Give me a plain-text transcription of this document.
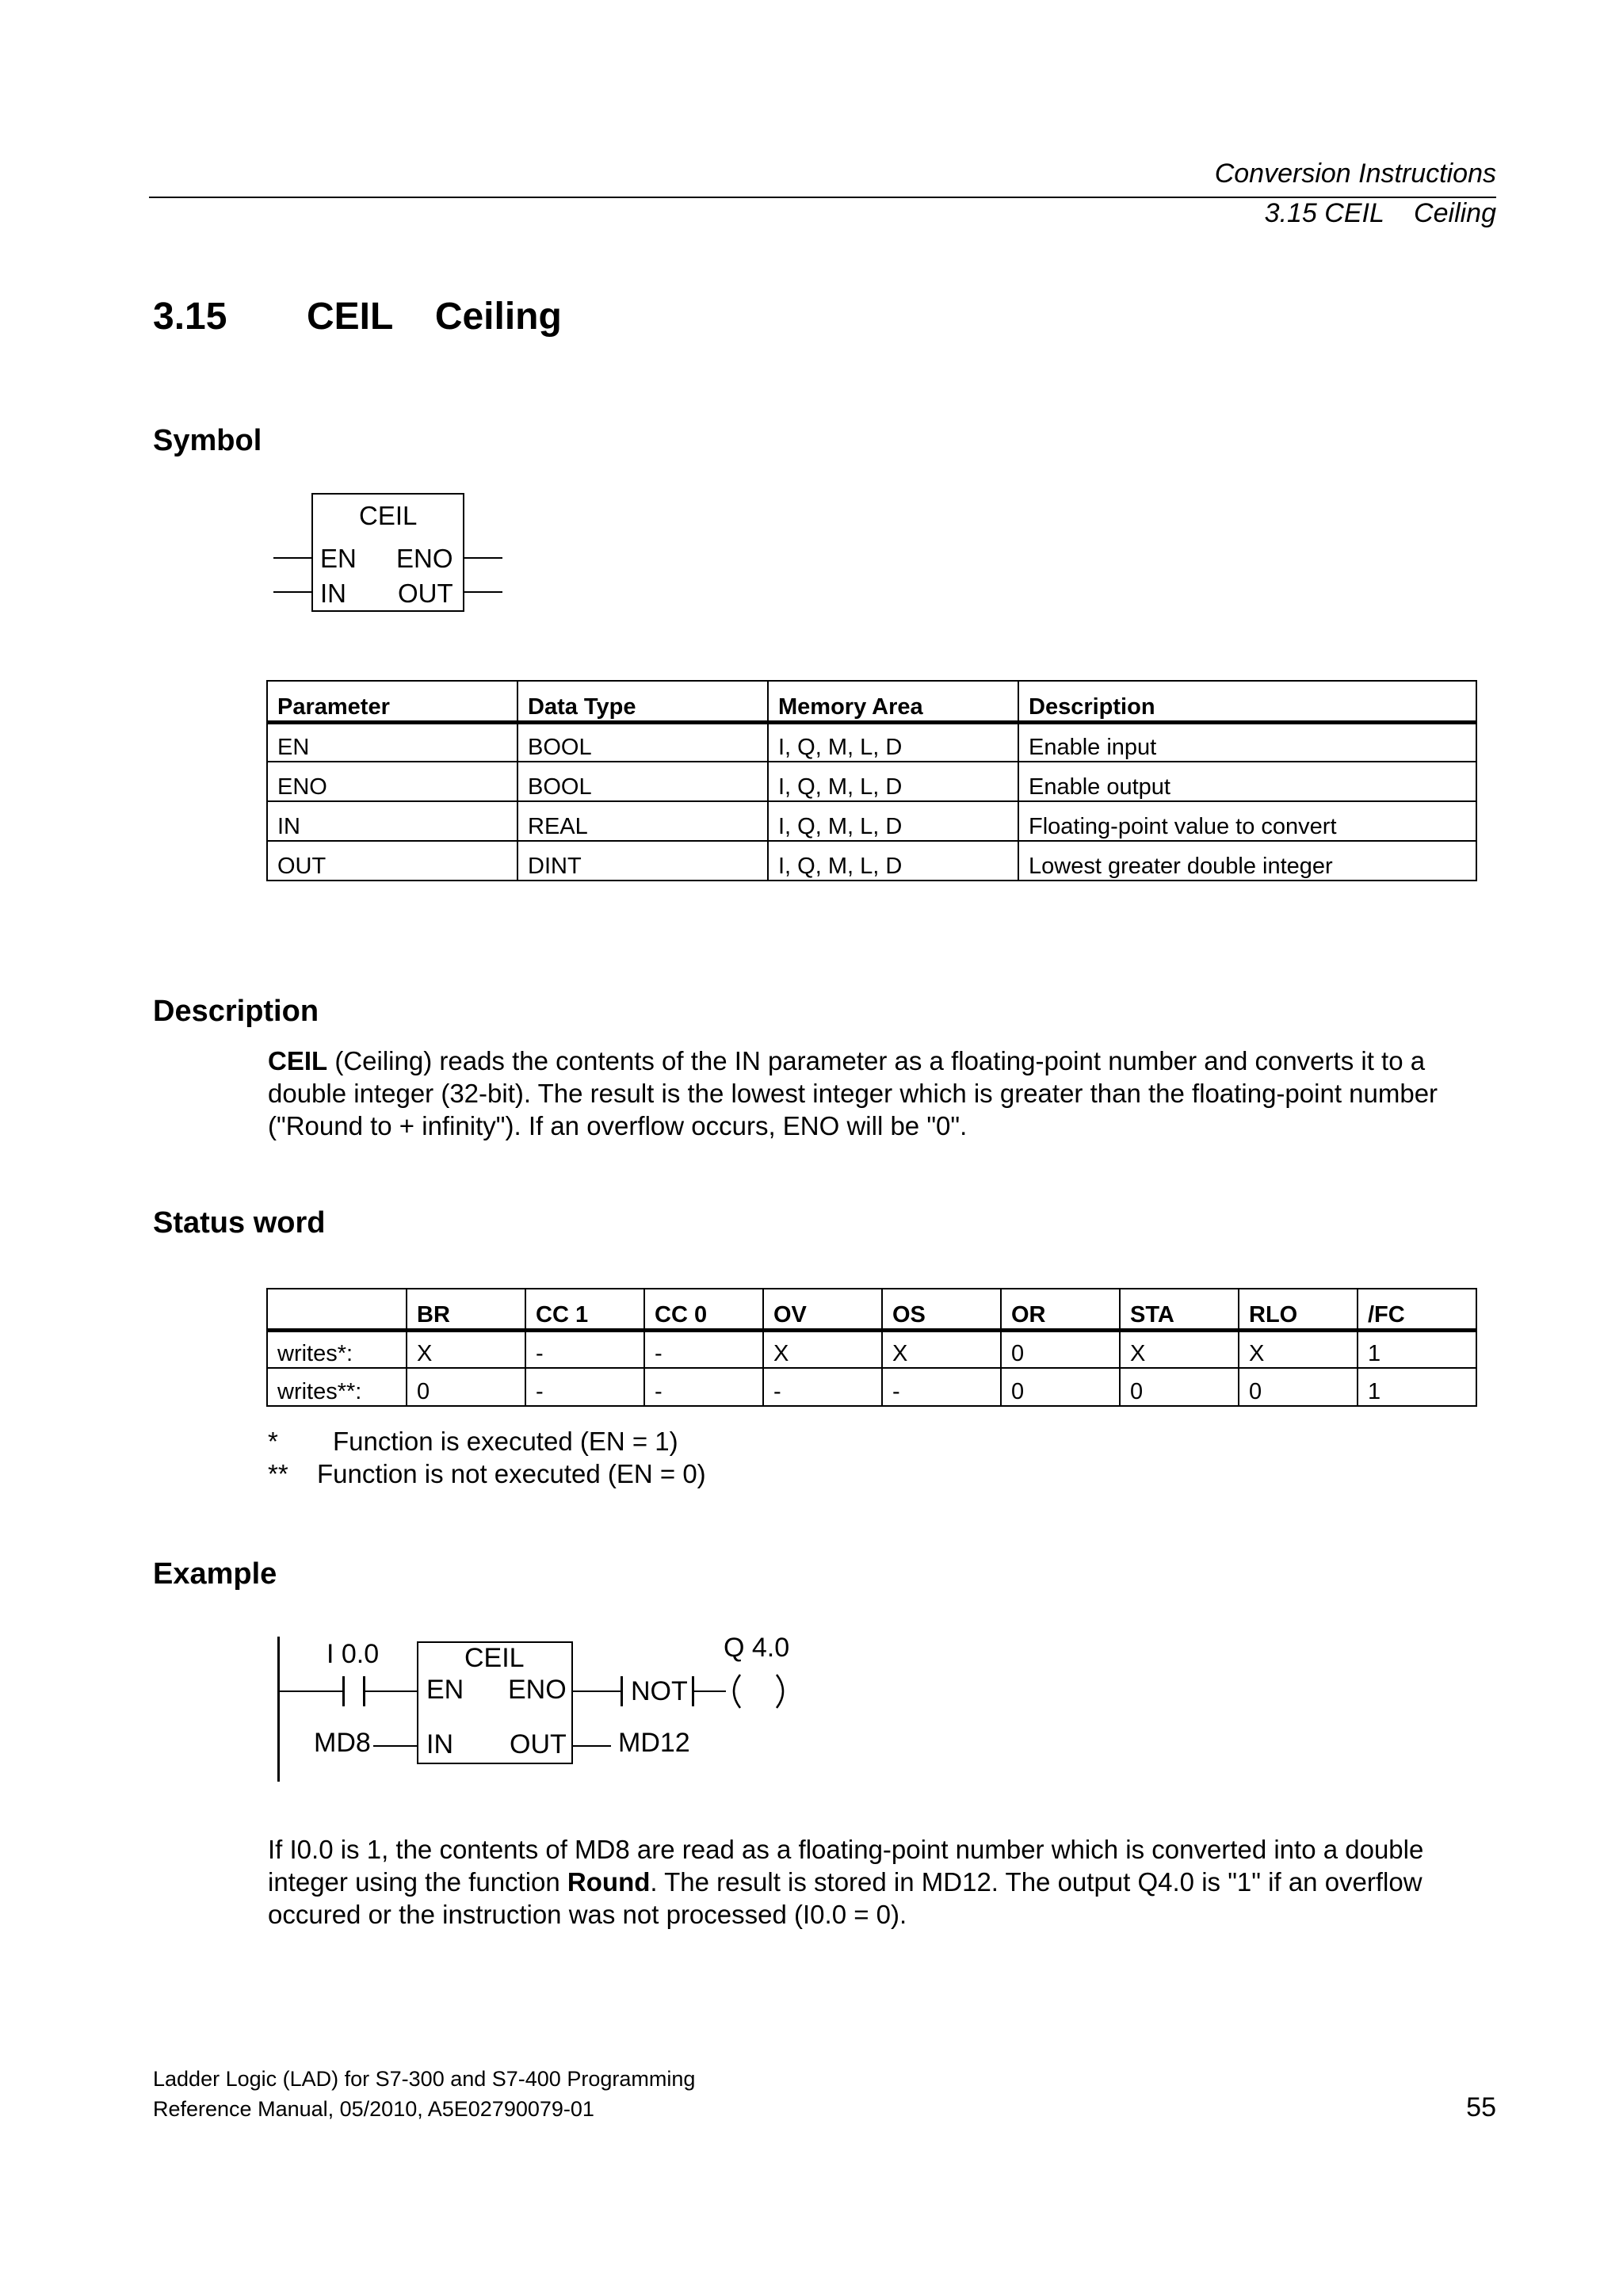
Conversion Instructions
3.15 CEIL    Ceiling
3.15 CEIL    Ceiling
Symbol
CEIL
EN ENO
IN OUT
Parameter	Data Type	Memory Area	Description
EN	BOOL	I, Q, M, L, D	Enable input
ENO	BOOL	I, Q, M, L, D	Enable output
IN	REAL	I, Q, M, L, D	Floating-point value to convert
OUT	DINT	I, Q, M, L, D	Lowest greater double integer
Description
CEIL (Ceiling) reads the contents of the IN parameter as a floating-point number and converts it to a double integer (32-bit). The result is the lowest integer which is greater than the floating-point number ("Round to + infinity"). If an overflow occurs, ENO will be "0".
Status word
	BR	CC 1	CC 0	OV	OS	OR	STA	RLO	/FC
writes*:	X	-	-	X	X	0	X	X	1
writes**:	0	-	-	-	-	0	0	0	1
* Function is executed (EN = 1)
** Function is not executed (EN = 0)
Example
I 0.0	CEIL
EN ENO
IN OUT
MD8	MD12
NOT
Q 4.0
If I0.0 is 1, the contents of MD8 are read as a floating-point number which is converted into a double integer using the function Round. The result is stored in MD12. The output Q4.0 is "1" if an overflow occured or the instruction was not processed (I0.0 = 0).
Ladder Logic (LAD) for S7-300 and S7-400 Programming
Reference Manual, 05/2010, A5E02790079-01	55
